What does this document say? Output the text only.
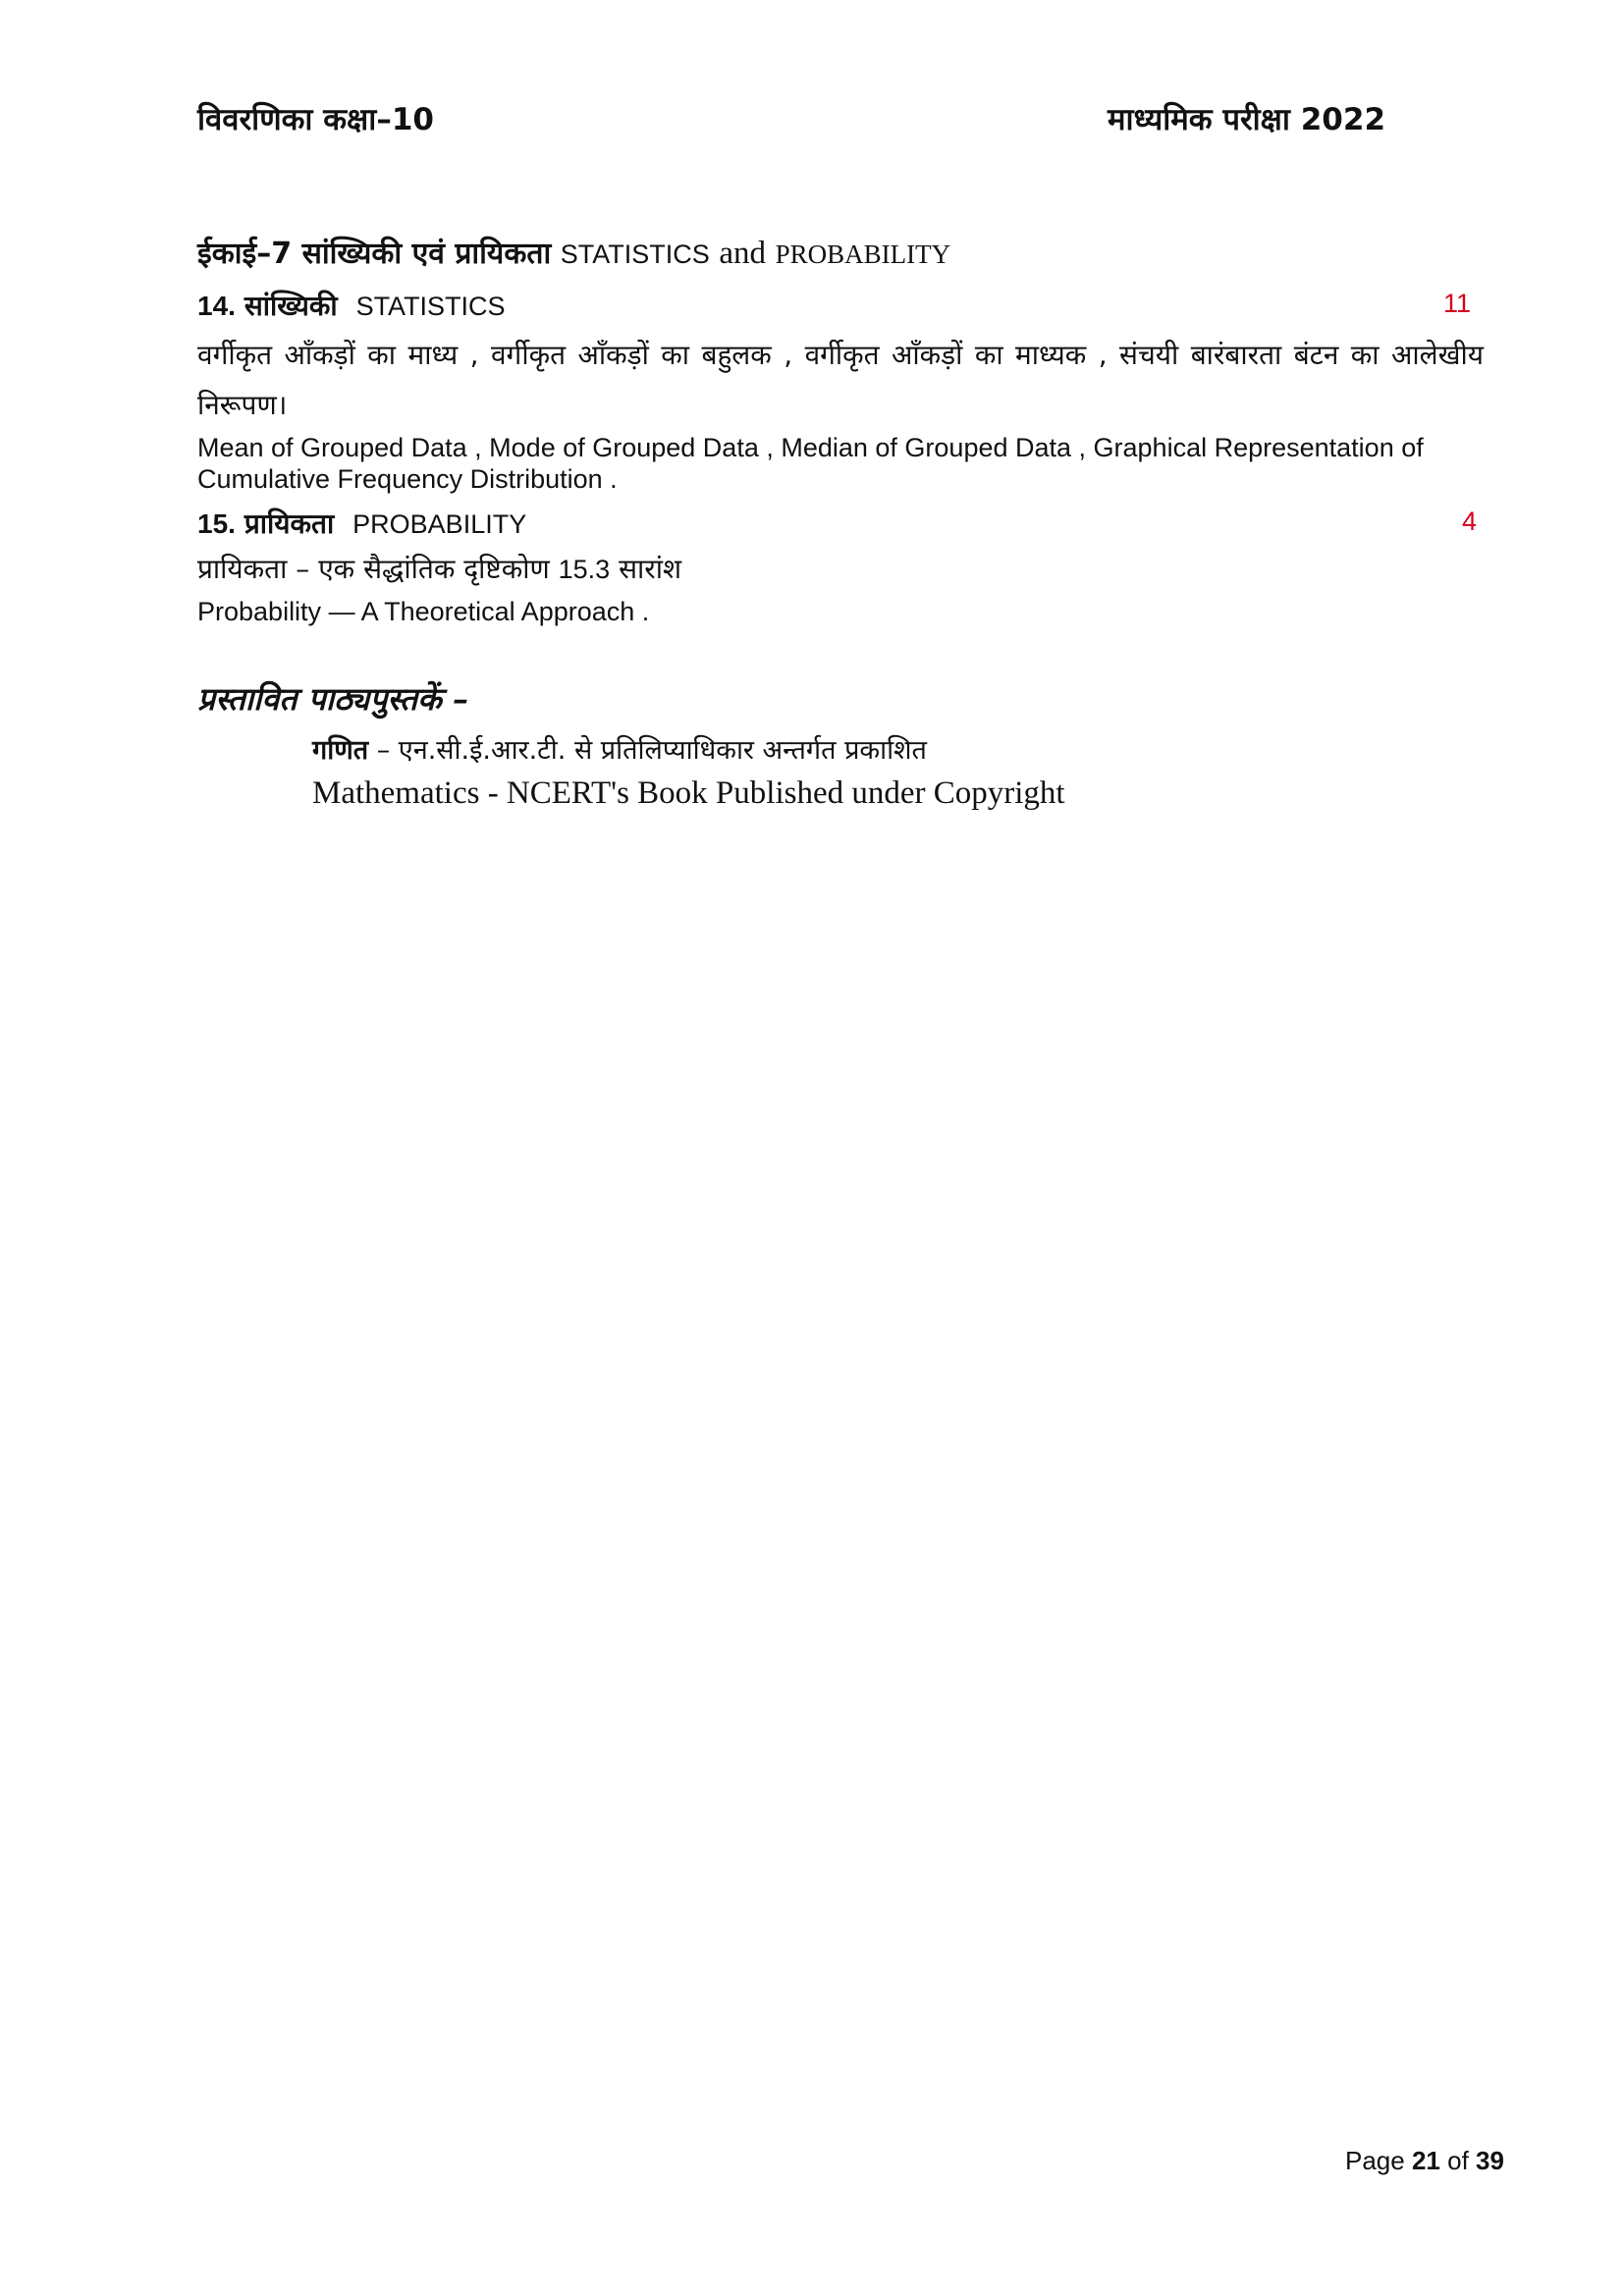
विवरणिका कक्षा–10	माध्यमिक परीक्षा 2022
ईकाई–7 सांख्यिकी एवं प्रायिकता STATISTICS and PROBABILITY
14. सांख्यिकी STATISTICS	11
वर्गीकृत आँकड़ों का माध्य , वर्गीकृत आँकड़ों का बहुलक , वर्गीकृत आँकड़ों का माध्यक , संचयी बारंबारता बंटन का आलेखीय निरूपण।
Mean of Grouped Data , Mode of Grouped Data , Median of Grouped Data , Graphical Representation of Cumulative Frequency Distribution .
15. प्रायिकता PROBABILITY	4
प्रायिकता – एक सैद्धांतिक दृष्टिकोण 15.3 सारांश
Probability — A Theoretical Approach .
प्रस्तावित पाठ्यपुस्तकें –
गणित – एन.सी.ई.आर.टी. से प्रतिलिप्याधिकार अन्तर्गत प्रकाशित
Mathematics - NCERT's Book Published under Copyright
Page 21 of 39
